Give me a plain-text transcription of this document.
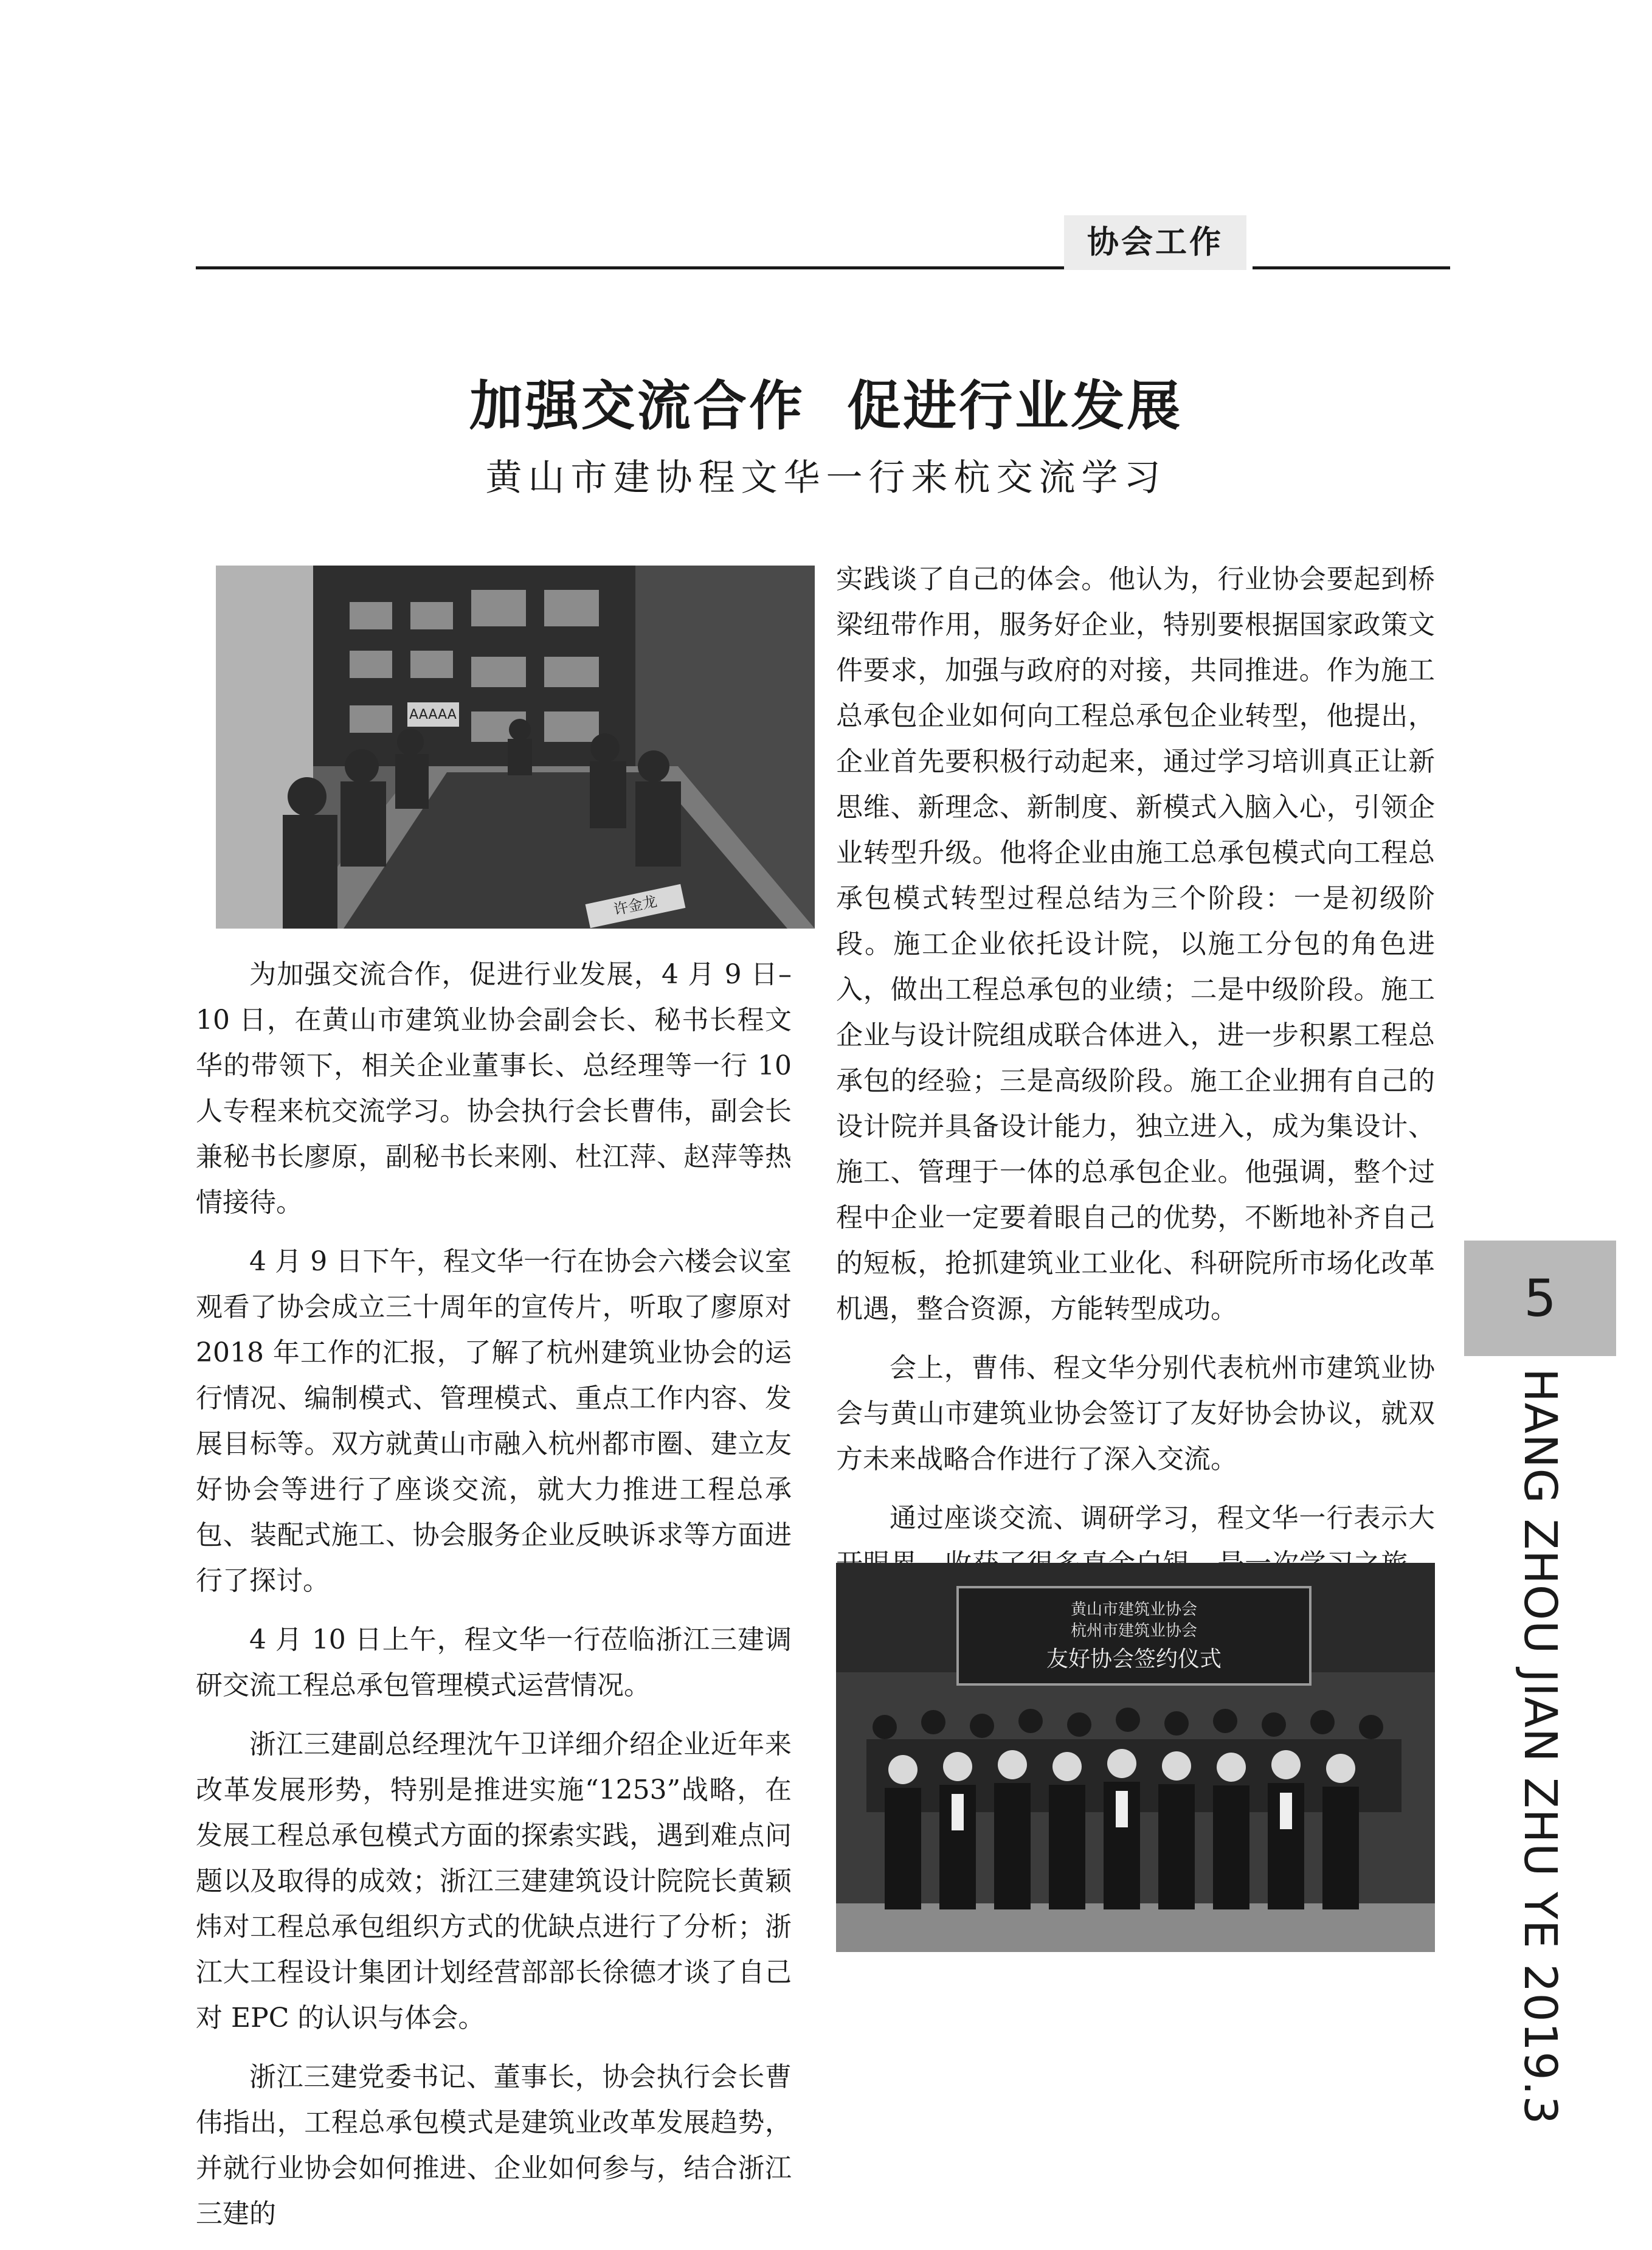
协会工作
加强交流合作  促进行业发展
黄山市建协程文华一行来杭交流学习
AAAAA
许金龙

为加强交流合作，促进行业发展，4 月 9 日–10 日，在黄山市建筑业协会副会长、秘书长程文华的带领下，相关企业董事长、总经理等一行 10 人专程来杭交流学习。协会执行会长曹伟，副会长兼秘书长廖原，副秘书长来刚、杜江萍、赵萍等热情接待。

4 月 9 日下午，程文华一行在协会六楼会议室观看了协会成立三十周年的宣传片，听取了廖原对 2018 年工作的汇报，了解了杭州建筑业协会的运行情况、编制模式、管理模式、重点工作内容、发展目标等。双方就黄山市融入杭州都市圈、建立友好协会等进行了座谈交流，就大力推进工程总承包、装配式施工、协会服务企业反映诉求等方面进行了探讨。

4 月 10 日上午，程文华一行莅临浙江三建调研交流工程总承包管理模式运营情况。

浙江三建副总经理沈午卫详细介绍企业近年来改革发展形势，特别是推进实施“1253”战略，在发展工程总承包模式方面的探索实践，遇到难点问题以及取得的成效；浙江三建建筑设计院院长黄颖炜对工程总承包组织方式的优缺点进行了分析；浙江大工程设计集团计划经营部部长徐德才谈了自己对 EPC 的认识与体会。

浙江三建党委书记、董事长，协会执行会长曹伟指出，工程总承包模式是建筑业改革发展趋势，并就行业协会如何推进、企业如何参与，结合浙江三建的

实践谈了自己的体会。他认为，行业协会要起到桥梁纽带作用，服务好企业，特别要根据国家政策文件要求，加强与政府的对接，共同推进。作为施工总承包企业如何向工程总承包企业转型，他提出，企业首先要积极行动起来，通过学习培训真正让新思维、新理念、新制度、新模式入脑入心，引领企业转型升级。他将企业由施工总承包模式向工程总承包模式转型过程总结为三个阶段：一是初级阶段。施工企业依托设计院，以施工分包的角色进入，做出工程总承包的业绩；二是中级阶段。施工企业与设计院组成联合体进入，进一步积累工程总承包的经验；三是高级阶段。施工企业拥有自己的设计院并具备设计能力，独立进入，成为集设计、施工、管理于一体的总承包企业。他强调，整个过程中企业一定要着眼自己的优势，不断地补齐自己的短板，抢抓建筑业工业化、科研院所市场化改革机遇，整合资源，方能转型成功。

会上，曹伟、程文华分别代表杭州市建筑业协会与黄山市建筑业协会签订了友好协会协议，就双方未来战略合作进行了深入交流。

通过座谈交流、调研学习，程文华一行表示大

黄山市建筑业协会
杭州市建筑业协会
友好协会签约仪式
5
HANG ZHOU JIAN ZHU YE 2019.3
